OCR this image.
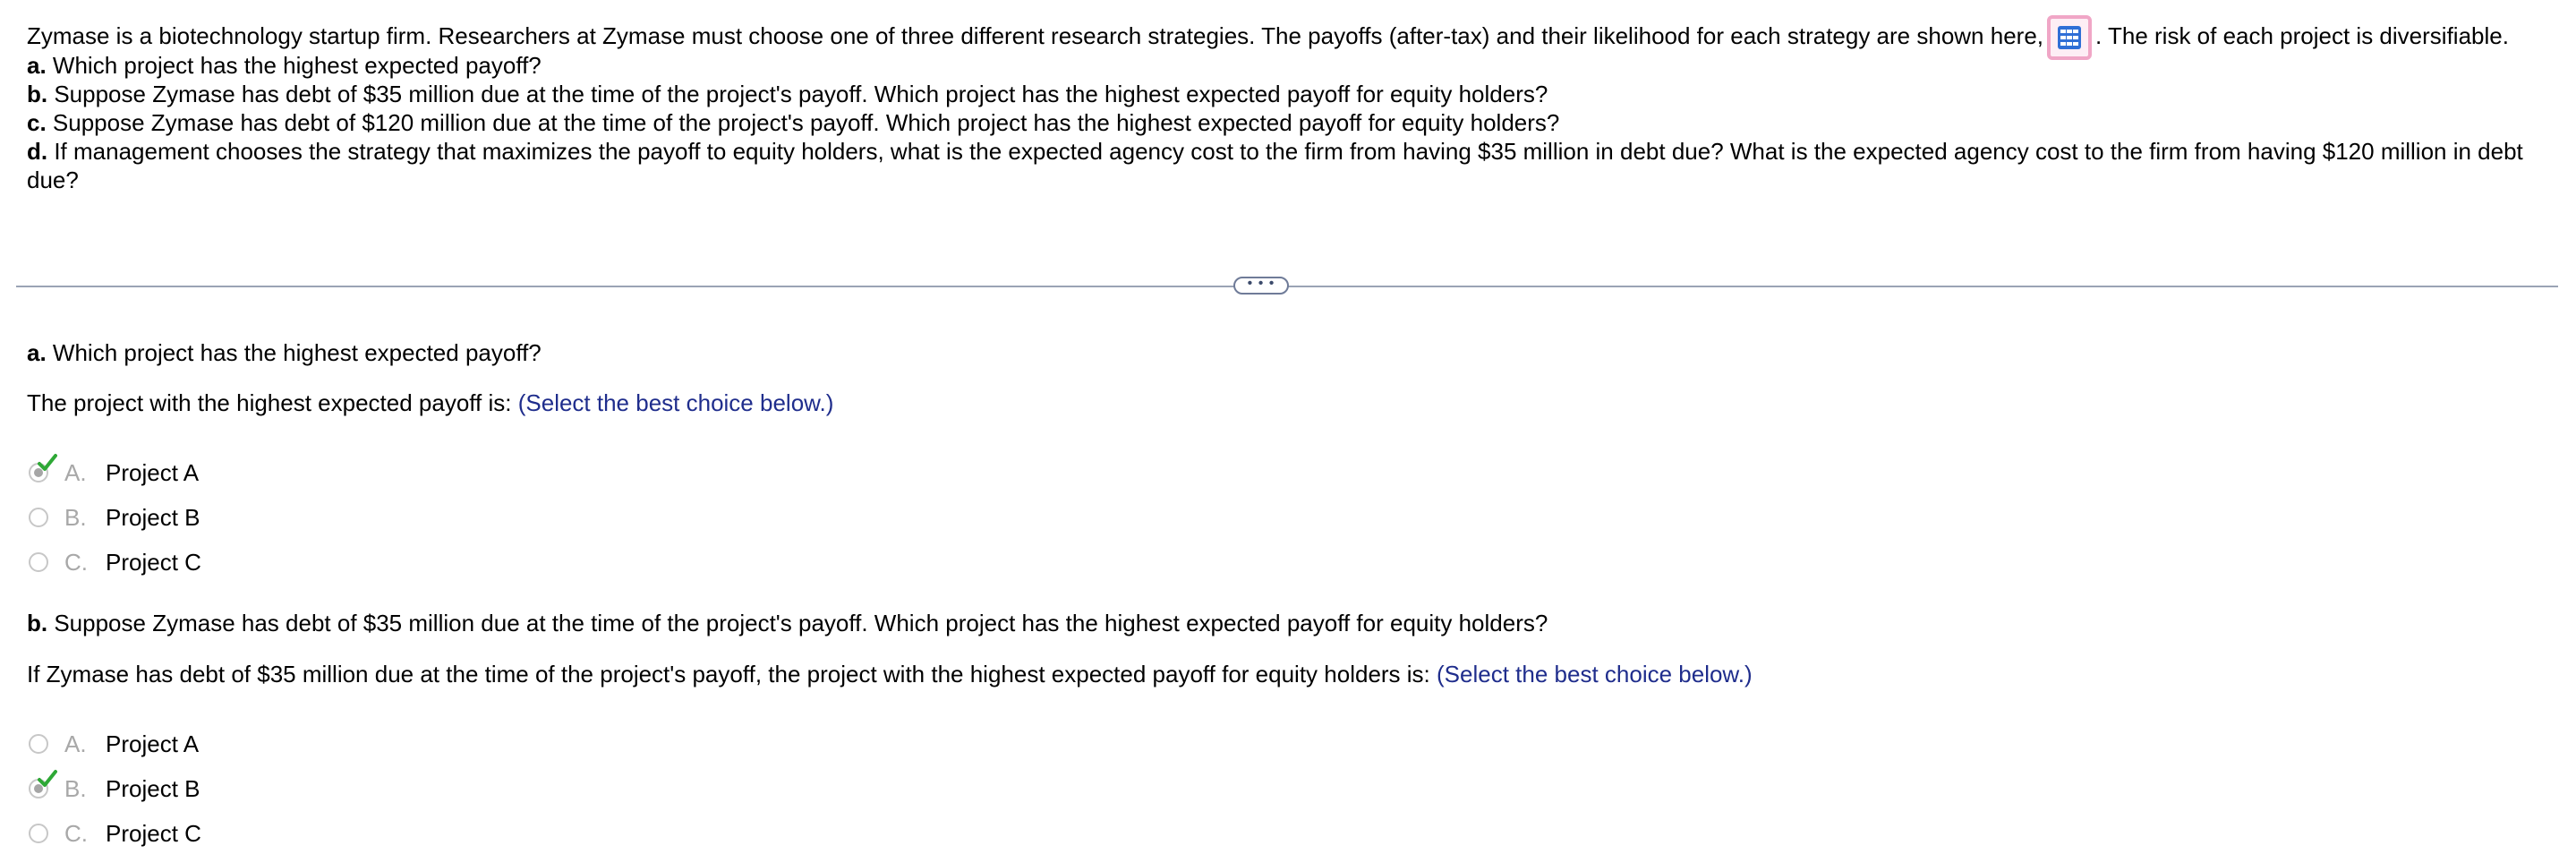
Zymase is a biotechnology startup firm. Researchers at Zymase must choose one of three different research strategies. The payoffs (after-tax) and their likelihood for each strategy are shown here, . The risk of each project is diversifiable.

a. Which project has the highest expected payoff?

b. Suppose Zymase has debt of $35 million due at the time of the project's payoff. Which project has the highest expected payoff for equity holders?

c. Suppose Zymase has debt of $120 million due at the time of the project's payoff. Which project has the highest expected payoff for equity holders?

d. If management chooses the strategy that maximizes the payoff to equity holders, what is the expected agency cost to the firm from having $35 million in debt due? What is the expected agency cost to the firm from having $120 million in debt due?

• • •
a. Which project has the highest expected payoff?
The project with the highest expected payoff is: (Select the best choice below.)
A. Project A
B. Project B
C. Project C
b. Suppose Zymase has debt of $35 million due at the time of the project's payoff. Which project has the highest expected payoff for equity holders?
If Zymase has debt of $35 million due at the time of the project's payoff, the project with the highest expected payoff for equity holders is: (Select the best choice below.)
A. Project A
B. Project B
C. Project C
